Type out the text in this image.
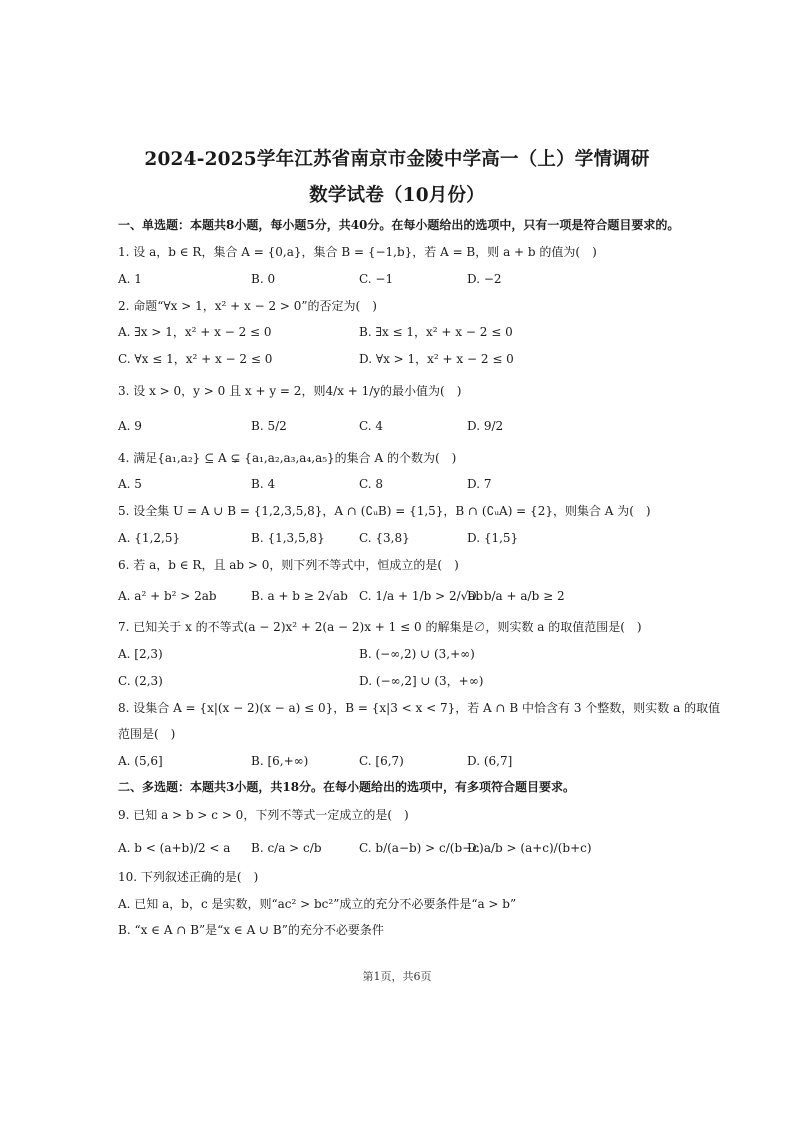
2024-2025学年江苏省南京市金陵中学高一（上）学情调研
数学试卷（10月份）
一、单选题：本题共8小题，每小题5分，共40分。在每小题给出的选项中，只有一项是符合题目要求的。
1. 设 a，b ∈ R，集合 A = {0,a}，集合 B = {−1,b}，若 A = B，则 a + b 的值为(　)
A. 1	B. 0	C. −1	D. −2
2. 命题“∀x > 1，x² + x − 2 > 0”的否定为(　)
A. ∃x > 1，x² + x − 2 ≤ 0	B. ∃x ≤ 1，x² + x − 2 ≤ 0
C. ∀x ≤ 1，x² + x − 2 ≤ 0	D. ∀x > 1，x² + x − 2 ≤ 0
3. 设 x > 0，y > 0 且 x + y = 2，则4/x + 1/y的最小值为(　)
A. 9	B. 5/2	C. 4	D. 9/2
4. 满足{a₁,a₂} ⊆ A ⊊ {a₁,a₂,a₃,a₄,a₅}的集合 A 的个数为(　)
A. 5	B. 4	C. 8	D. 7
5. 设全集 U = A ∪ B = {1,2,3,5,8}，A ∩ (∁ᵤB) = {1,5}，B ∩ (∁ᵤA) = {2}，则集合 A 为(　)
A. {1,2,5}	B. {1,3,5,8}	C. {3,8}	D. {1,5}
6. 若 a，b ∈ R，且 ab > 0，则下列不等式中，恒成立的是(　)
A. a² + b² > 2ab	B. a + b ≥ 2√ab C. 1/a + 1/b > 2/√ab
D. b/a + a/b ≥ 2
7. 已知关于 x 的不等式(a − 2)x² + 2(a − 2)x + 1 ≤ 0 的解集是∅，则实数 a 的取值范围是(　)
A. [2,3)	B. (−∞,2) ∪ (3,+∞)
C. (2,3)	D. (−∞,2] ∪ (3，+∞)
8. 设集合 A = {x|(x − 2)(x − a) ≤ 0}，B = {x|3 < x < 7}，若 A ∩ B 中恰含有 3 个整数，则实数 a 的取值
范围是(　)
A. (5,6]	B. [6,+∞)	C. [6,7)	D. (6,7]
二、多选题：本题共3小题，共18分。在每小题给出的选项中，有多项符合题目要求。
9. 已知 a > b > c > 0，下列不等式一定成立的是(　)
A. b < (a+b)/2 < a B. c/a > c/b	C. b/(a−b) > c/(b−c)
D. a/b > (a+c)/(b+c)
10. 下列叙述正确的是(　)
A. 已知 a，b，c 是实数，则“ac² > bc²”成立的充分不必要条件是“a > b”
B. “x ∈ A ∩ B”是“x ∈ A ∪ B”的充分不必要条件
第1页，共6页
